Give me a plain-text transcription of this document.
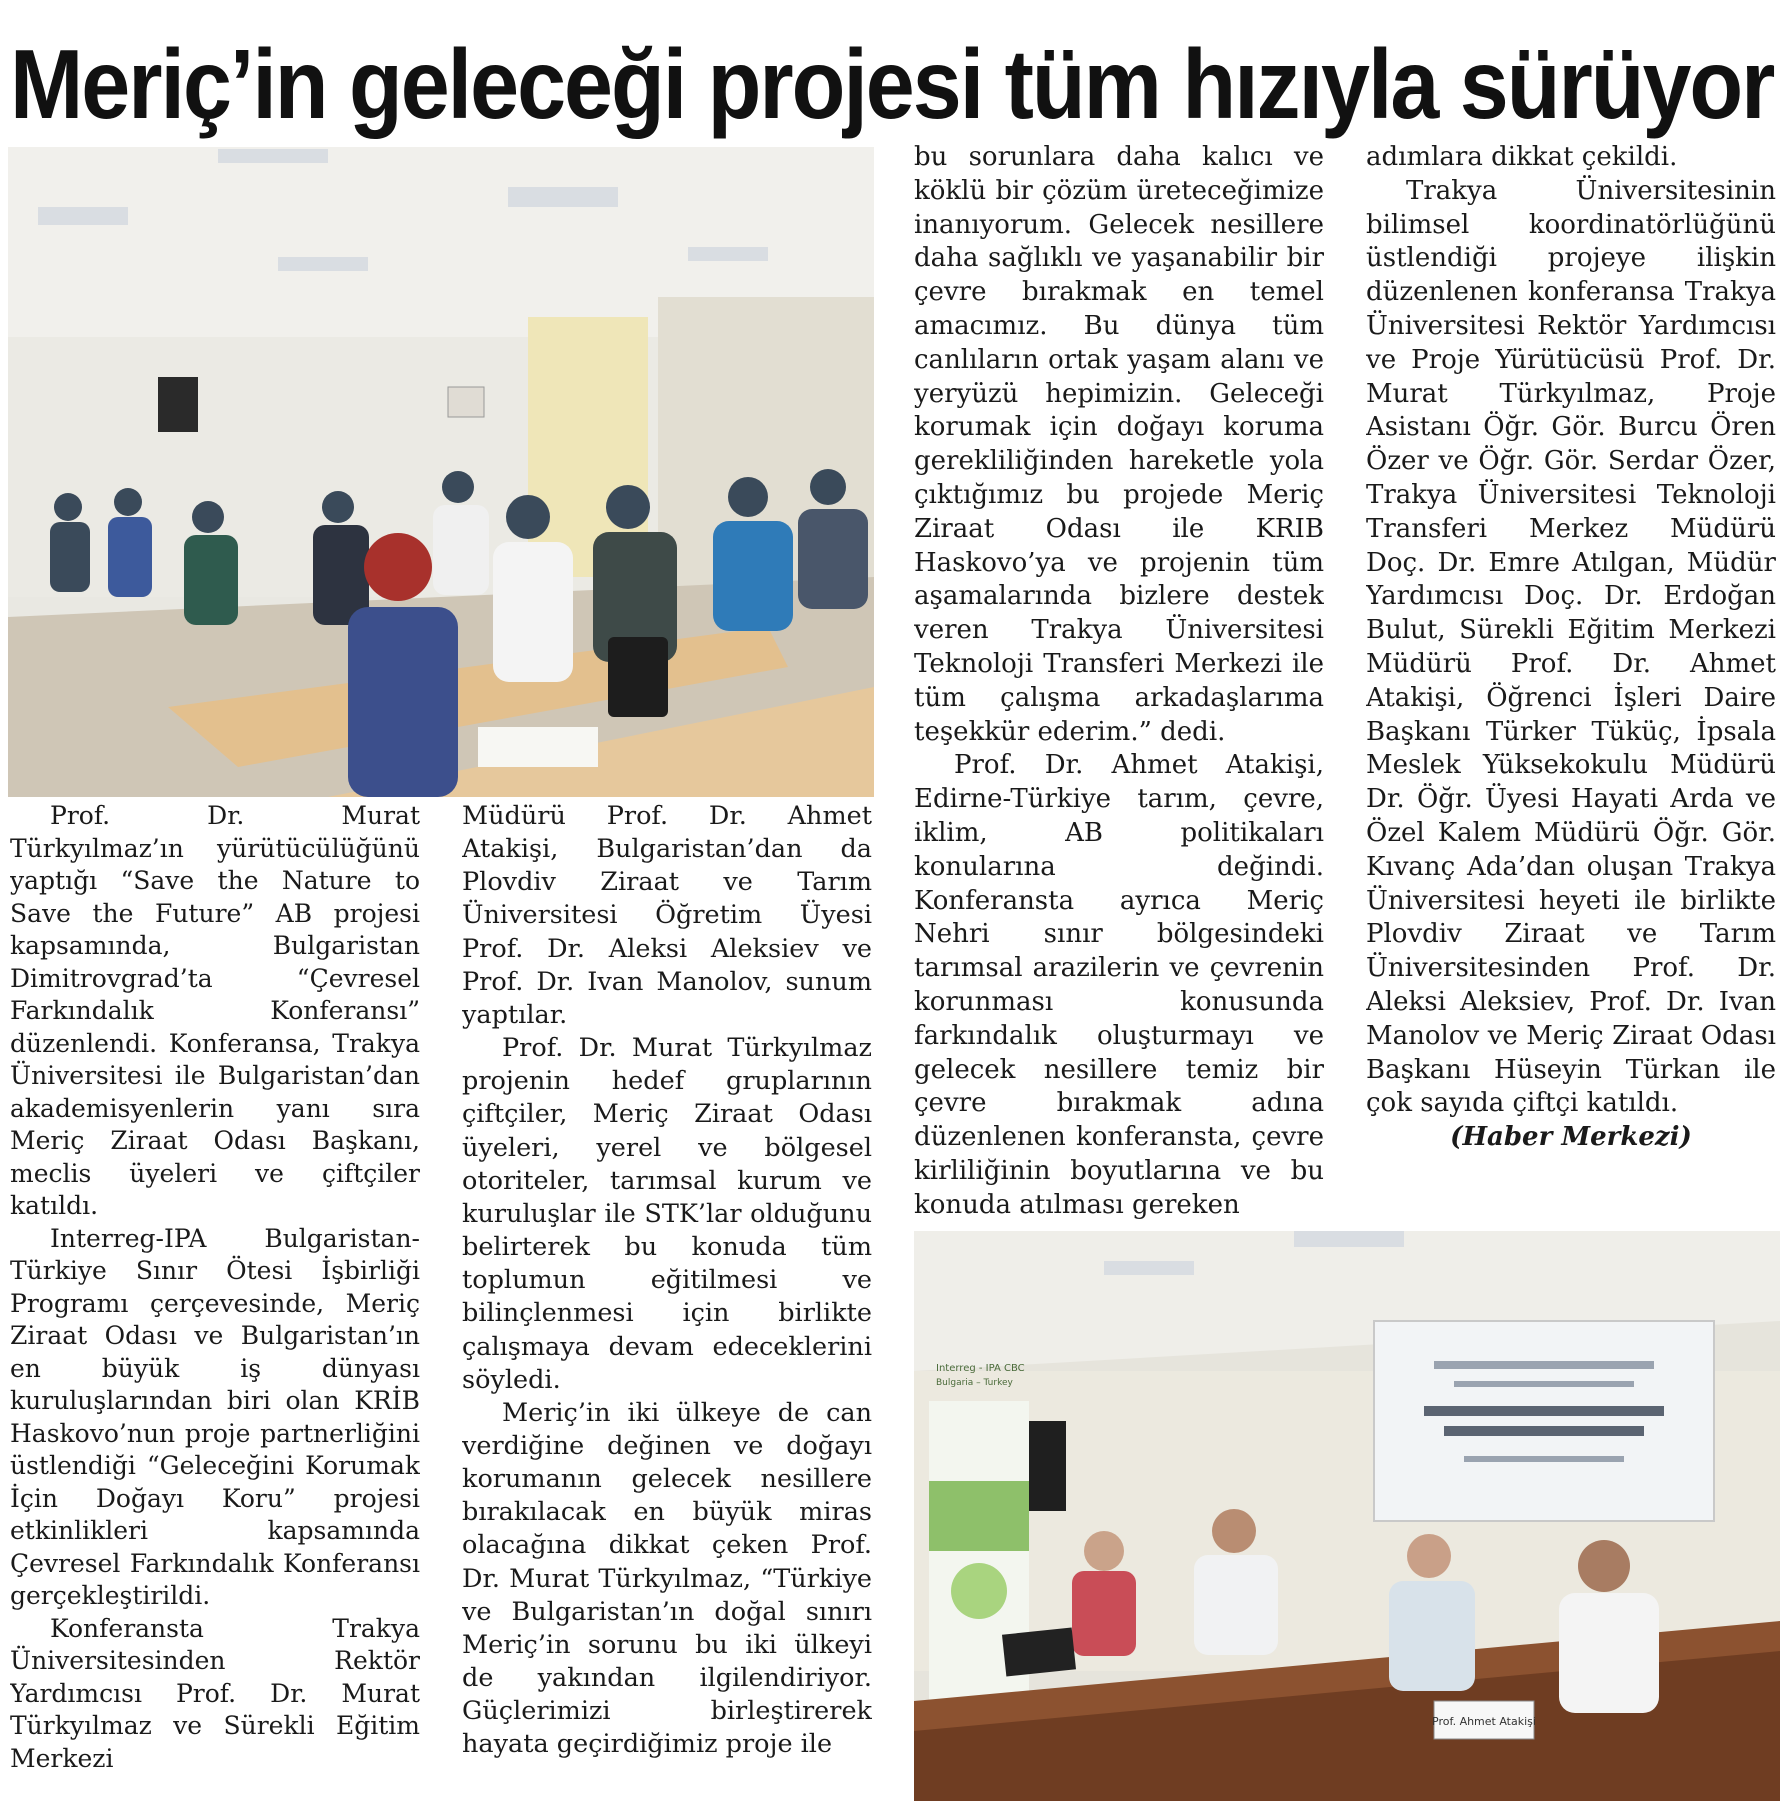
Meriç’in geleceği projesi tüm hızıyla sürüyor
Prof. Ahmet Atakişi
Interreg - IPA CBC
Bulgaria – Turkey

Prof. Dr. Murat Türkyılmaz’ın yürütücülüğünü yaptığı “Save the Nature to Save the Future” AB projesi kapsamında, Bulgaristan Dimitrovgrad’ta “Çevresel Farkındalık Konferansı” düzenlendi. Konferansa, Trakya Üniversitesi ile Bulgaristan’dan akademisyenlerin yanı sıra Meriç Ziraat Odası Başkanı, meclis üyeleri ve çiftçiler katıldı.

Interreg-IPA Bulgaristan-Türkiye Sınır Ötesi İşbirliği Programı çerçevesinde, Meriç Ziraat Odası ve Bulgaristan’ın en büyük iş dünyası kuruluşlarından biri olan KRİB Haskovo’nun proje partnerliğini üstlendiği “Geleceğini Korumak İçin Doğayı Koru” projesi etkinlikleri kapsamında Çevresel Farkındalık Konferansı gerçekleştirildi.

Konferansta Trakya Üniversitesinden Rektör Yardımcısı Prof. Dr. Murat Türkyılmaz ve Sürekli Eğitim Merkezi

Müdürü Prof. Dr. Ahmet Atakişi, Bulgaristan’dan da Plovdiv Ziraat ve Tarım Üniversitesi Öğretim Üyesi Prof. Dr. Aleksi Aleksiev ve Prof. Dr. Ivan Manolov, sunum yaptılar.

Prof. Dr. Murat Türkyılmaz projenin hedef gruplarının çiftçiler, Meriç Ziraat Odası üyeleri, yerel ve bölgesel otoriteler, tarımsal kurum ve kuruluşlar ile STK’lar olduğunu belirterek bu konuda tüm toplumun eğitilmesi ve bilinçlenmesi için birlikte çalışmaya devam edeceklerini söyledi.

Meriç’in iki ülkeye de can verdiğine değinen ve doğayı korumanın gelecek nesillere bırakılacak en büyük miras olacağına dikkat çeken Prof. Dr. Murat Türkyılmaz, “Türkiye ve Bulgaristan’ın doğal sınırı Meriç’in sorunu bu iki ülkeyi de yakından ilgilendiriyor. Güçlerimizi birleştirerek hayata geçirdiğimiz proje ile

bu sorunlara daha kalıcı ve köklü bir çözüm üreteceğimize inanıyorum. Gelecek nesillere daha sağlıklı ve yaşanabilir bir çevre bırakmak en temel amacımız. Bu dünya tüm canlıların ortak yaşam alanı ve yeryüzü hepimizin. Geleceği korumak için doğayı koruma gerekliliğinden hareketle yola çıktığımız bu projede Meriç Ziraat Odası ile KRIB Haskovo’ya ve projenin tüm aşamalarında bizlere destek veren Trakya Üniversitesi Teknoloji Transferi Merkezi ile tüm çalışma arkadaşlarıma teşekkür ederim.” dedi.

Prof. Dr. Ahmet Atakişi, Edirne-Türkiye tarım, çevre, iklim, AB politikaları konularına değindi. Konferansta ayrıca Meriç Nehri sınır bölgesindeki tarımsal arazilerin ve çevrenin korunması konusunda farkındalık oluşturmayı ve gelecek nesillere temiz bir çevre bırakmak adına düzenlenen konferansta, çevre kirliliğinin boyutlarına ve bu konuda atılması gereken

adımlara dikkat çekildi.

Trakya Üniversitesinin bilimsel koordinatörlüğünü üstlendiği projeye ilişkin düzenlenen konferansa Trakya Üniversitesi Rektör Yardımcısı ve Proje Yürütücüsü Prof. Dr. Murat Türkyılmaz, Proje Asistanı Öğr. Gör. Burcu Ören Özer ve Öğr. Gör. Serdar Özer, Trakya Üniversitesi Teknoloji Transferi Merkez Müdürü Doç. Dr. Emre Atılgan, Müdür Yardımcısı Doç. Dr. Erdoğan Bulut, Sürekli Eğitim Merkezi Müdürü Prof. Dr. Ahmet Atakişi, Öğrenci İşleri Daire Başkanı Türker Tüküç, İpsala Meslek Yüksekokulu Müdürü Dr. Öğr. Üyesi Hayati Arda ve Özel Kalem Müdürü Öğr. Gör. Kıvanç Ada’dan oluşan Trakya Üniversitesi heyeti ile birlikte Plovdiv Ziraat ve Tarım Üniversitesinden Prof. Dr. Aleksi Aleksiev, Prof. Dr. Ivan Manolov ve Meriç Ziraat Odası Başkanı Hüseyin Türkan ile çok sayıda çiftçi katıldı.

(Haber Merkezi)
